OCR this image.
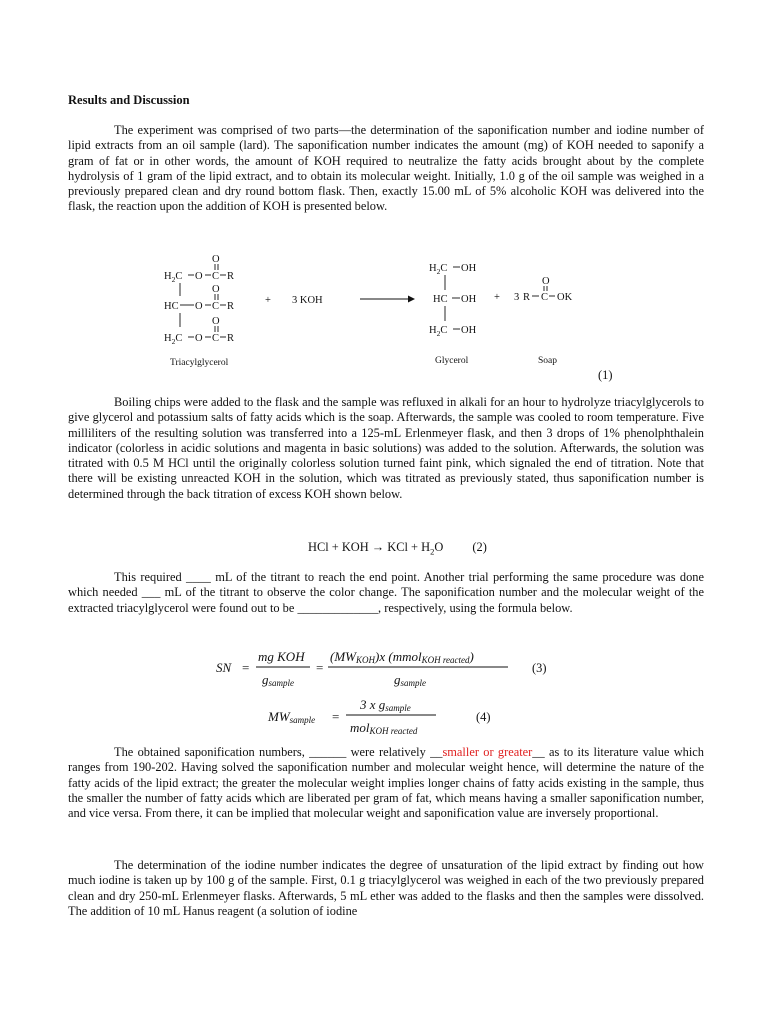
Results and Discussion

The experiment was comprised of two parts—the determination of the saponification number and iodine number of lipid extracts from an oil sample (lard). The saponification number indicates the amount (mg) of KOH needed to saponify a gram of fat or in other words, the amount of KOH required to neutralize the fatty acids brought about by the complete hydrolysis of 1 gram of the lipid extract, and to obtain its molecular weight. Initially, 1.0 g of the oil sample was weighed in a previously prepared clean and dry round bottom flask. Then, exactly 15.00 mL of 5% alcoholic KOH was delivered into the flask, the reaction upon the addition of KOH is presented below.

$H_2C$ O C R
O
HC O C R
O
$H_2C$ O C R
O
Triacylglycerol
+ 3 KOH
$H_2C$ OH
HC OH
$H_2C$ OH
Glycerol
+ 3 R C OK
O
Soap
(1)

Boiling chips were added to the flask and the sample was refluxed in alkali for an hour to hydrolyze triacylglycerols to give glycerol and potassium salts of fatty acids which is the soap. Afterwards, the sample was cooled to room temperature. Five milliliters of the resulting solution was transferred into a 125-mL Erlenmeyer flask, and then 3 drops of 1% phenolphthalein indicator (colorless in acidic solutions and magenta in basic solutions) was added to the solution. Afterwards, the solution was titrated with 0.5 M HCl until the originally colorless solution turned faint pink, which signaled the end of titration. Note that there will be existing unreacted KOH in the solution, which was titrated as previously stated, thus saponification number is determined through the back titration of excess KOH shown below.

HCl + KOH → KCl + $H_2O$ (2)

This required ____ mL of the titrant to reach the end point. Another trial performing the same procedure was done which needed ___ mL of the titrant to observe the color change. The saponification number and the molecular weight of the extracted triacylglycerol were found out to be _____________, respectively, using the formula below.

SN =
mg KOH
gsample
=
(MWKOH)x (mmolKOH reacted)
gsample
(3)
MWsample =
3 x gsample
molKOH reacted
(4)

The obtained saponification numbers, ______ were relatively __smaller or greater__ as to its literature value which ranges from 190-202. Having solved the saponification number and molecular weight hence, will determine the nature of the fatty acids of the lipid extract; the greater the molecular weight implies longer chains of fatty acids existing in the sample, thus the smaller the number of fatty acids which are liberated per gram of fat, which means having a smaller saponification number, and vice versa. From there, it can be implied that molecular weight and saponification value are inversely proportional.

The determination of the iodine number indicates the degree of unsaturation of the lipid extract by finding out how much iodine is taken up by 100 g of the sample. First, 0.1 g triacylglycerol was weighed in each of the two previously prepared clean and dry 250-mL Erlenmeyer flasks. Afterwards, 5 mL ether was added to the flasks and then the samples were dissolved. The addition of 10 mL Hanus reagent (a solution of iodine
